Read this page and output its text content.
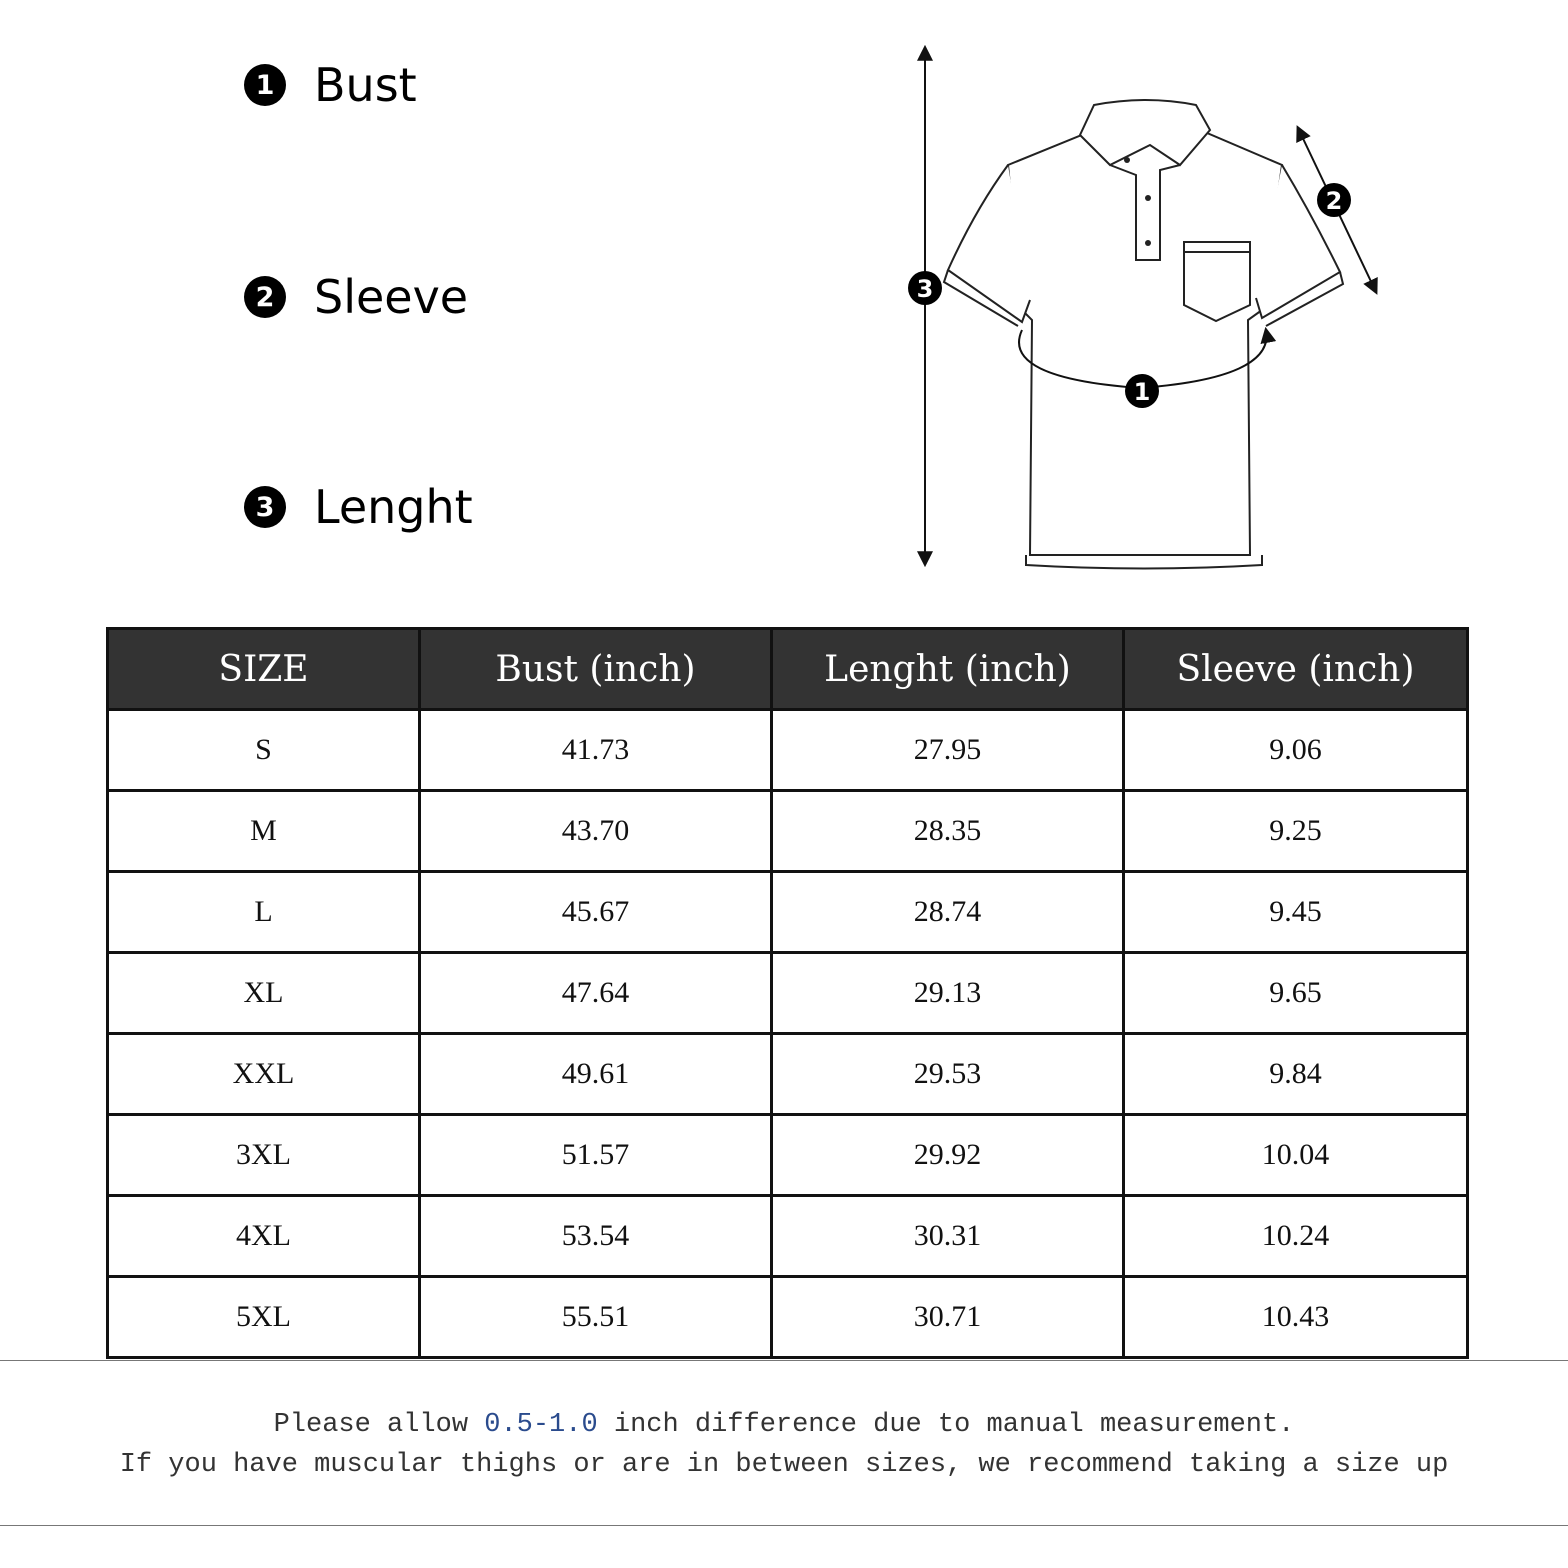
1 Bust
2 Sleeve
3 Lenght
3
2
1
SIZE	Bust (inch)	Lenght (inch)	Sleeve (inch)
S	41.73	27.95	9.06
M	43.70	28.35	9.25
L	45.67	28.74	9.45
XL	47.64	29.13	9.65
XXL	49.61	29.53	9.84
3XL	51.57	29.92	10.04
4XL	53.54	30.31	10.24
5XL	55.51	30.71	10.43
Please allow 0.5-1.0 inch difference due to manual measurement.
If you have muscular thighs or are in between sizes, we recommend taking a size up
